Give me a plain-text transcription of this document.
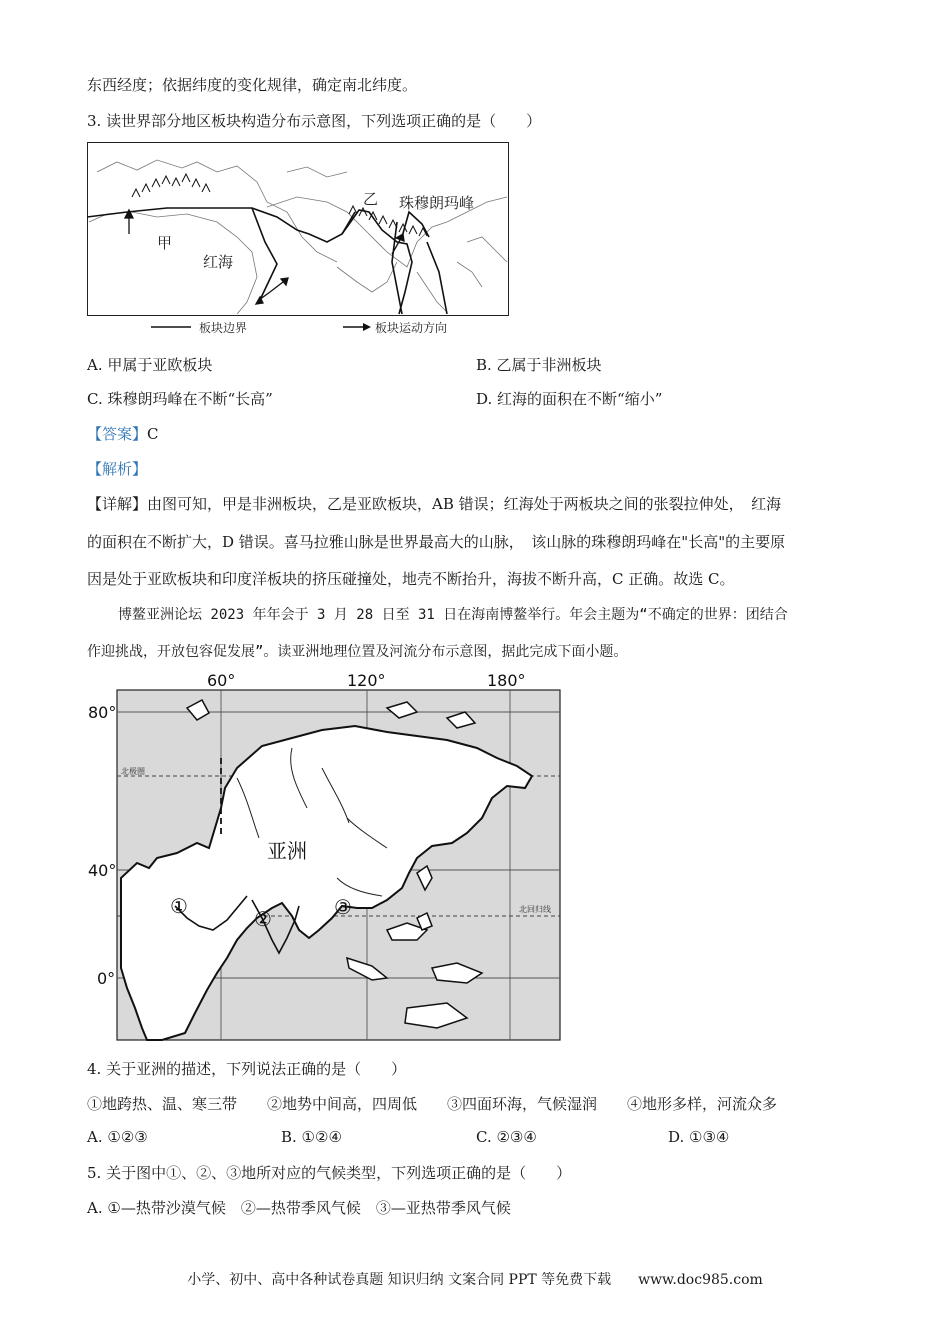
东西经度；依据纬度的变化规律，确定南北纬度。
3. 读世界部分地区板块构造分布示意图，下列选项正确的是（　　）
甲
乙 珠穆朗玛峰
红海
板块边界	板块运动方向
A. 甲属于亚欧板块	B. 乙属于非洲板块
C. 珠穆朗玛峰在不断“长高”	D. 红海的面积在不断“缩小”
【答案】C
【解析】
【详解】由图可知，甲是非洲板块，乙是亚欧板块，AB 错误；红海处于两板块之间的张裂拉伸处，　红海
的面积在不断扩大，D 错误。喜马拉雅山脉是世界最高大的山脉，　该山脉的珠穆朗玛峰在"长高"的主要原
因是处于亚欧板块和印度洋板块的挤压碰撞处，地壳不断抬升，海拔不断升高，C 正确。故选 C。
博鳌亚洲论坛 2023 年年会于 3 月 28 日至 31 日在海南博鳌举行。年会主题为“不确定的世界：团结合
作迎挑战，开放包容促发展”。读亚洲地理位置及河流分布示意图，据此完成下面小题。
60°	120°	180°
80°
40°
0°
北极圈
北回归线
亚洲
①
②	③
4. 关于亚洲的描述，下列说法正确的是（　　）
①地跨热、温、寒三带　　②地势中间高，四周低　　③四面环海，气候湿润　　④地形多样，河流众多
A. ①②③	B. ①②④	C. ②③④	D. ①③④
5. 关于图中①、②、③地所对应的气候类型，下列选项正确的是（　　）
A. ①—热带沙漠气候　②—热带季风气候　③—亚热带季风气候
小学、初中、高中各种试卷真题 知识归纳 文案合同 PPT 等免费下载 www.doc985.com
